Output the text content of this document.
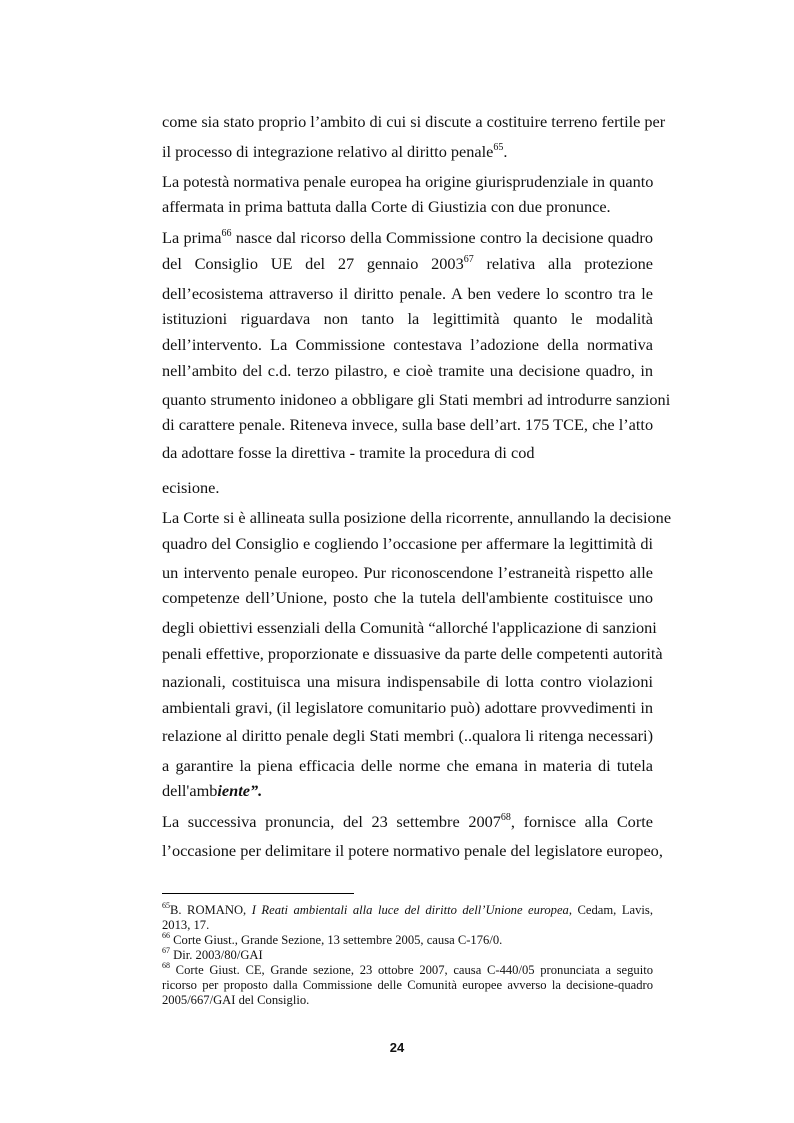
come sia stato proprio l’ambito di cui si discute a costituire terreno fertile per
il processo di integrazione relativo al diritto penale$^{65}$.
La potestà normativa penale europea ha origine giurisprudenziale in quanto
affermata in prima battuta dalla Corte di Giustizia con due pronunce.
La prima$^{66}$ nasce dal ricorso della Commissione contro la decisione quadro
del Consiglio UE del 27 gennaio 2003$^{67}$ relativa alla protezione
dell’ecosistema attraverso il diritto penale. A ben vedere lo scontro tra le
istituzioni riguardava non tanto la legittimità quanto le modalità
dell’intervento. La Commissione contestava l’adozione della normativa
nell’ambito del c.d. terzo pilastro, e cioè tramite una decisione quadro, in
quanto strumento inidoneo a obbligare gli Stati membri ad introdurre sanzioni
di carattere penale. Riteneva invece, sulla base dell’art. 175 TCE, che l’atto
da adottare fosse la direttiva - tramite la procedura di cod
ecisione.
La Corte si è allineata sulla posizione della ricorrente, annullando la decisione
quadro del Consiglio e cogliendo l’occasione per affermare la legittimità di
un intervento penale europeo. Pur riconoscendone l’estraneità rispetto alle
competenze dell’Unione, posto che la tutela dell'ambiente costituisce uno
degli obiettivi essenziali della Comunità “allorché l'applicazione di sanzioni
penali effettive, proporzionate e dissuasive da parte delle competenti autorità
nazionali, costituisca una misura indispensabile di lotta contro violazioni
ambientali gravi, (il legislatore comunitario può) adottare provvedimenti in
relazione al diritto penale degli Stati membri (..qualora li ritenga necessari)
a garantire la piena efficacia delle norme che emana in materia di tutela
dell'ambiente”.
La successiva pronuncia, del 23 settembre 2007$^{68}$, fornisce alla Corte
l’occasione per delimitare il potere normativo penale del legislatore europeo,
$^{65}$B. ROMANO, I Reati ambientali alla luce del diritto dell’Unione europea, Cedam, Lavis,
2013, 17.
$^{66}$ Corte Giust., Grande Sezione, 13 settembre 2005, causa C-176/0.
$^{67}$ Dir. 2003/80/GAI
$^{68}$ Corte Giust. CE, Grande sezione, 23 ottobre 2007, causa C-440/05 pronunciata a seguito
ricorso per proposto dalla Commissione delle Comunità europee avverso la decisione-quadro
2005/667/GAI del Consiglio.
24
